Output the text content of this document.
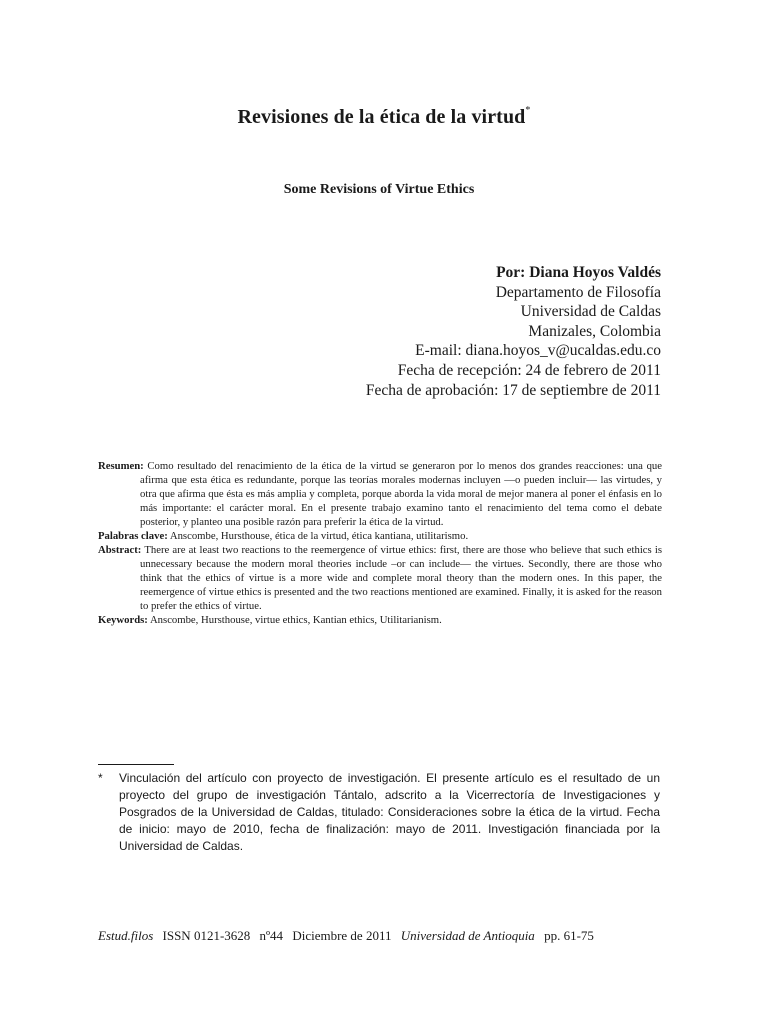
Revisiones de la ética de la virtud*
Some Revisions of Virtue Ethics
Por: Diana Hoyos Valdés
Departamento de Filosofía
Universidad de Caldas
Manizales, Colombia
E-mail: diana.hoyos_v@ucaldas.edu.co
Fecha de recepción: 24 de febrero de 2011
Fecha de aprobación: 17 de septiembre de 2011

Resumen: Como resultado del renacimiento de la ética de la virtud se generaron por lo menos dos grandes reacciones: una que afirma que esta ética es redundante, porque las teorías morales modernas incluyen —o pueden incluir— las virtudes, y otra que afirma que ésta es más amplia y completa, porque aborda la vida moral de mejor manera al poner el énfasis en lo más importante: el carácter moral. En el presente trabajo examino tanto el renacimiento del tema como el debate posterior, y planteo una posible razón para preferir la ética de la virtud.

Palabras clave: Anscombe, Hursthouse, ética de la virtud, ética kantiana, utilitarismo.

Abstract: There are at least two reactions to the reemergence of virtue ethics: first, there are those who believe that such ethics is unnecessary because the modern moral theories include –or can include— the virtues. Secondly, there are those who think that the ethics of virtue is a more wide and complete moral theory than the modern ones. In this paper, the reemergence of virtue ethics is presented and the two reactions mentioned are examined. Finally, it is asked for the reason to prefer the ethics of virtue.

Keywords: Anscombe, Hursthouse, virtue ethics, Kantian ethics, Utilitarianism.

* Vinculación del artículo con proyecto de investigación. El presente artículo es el resultado de un proyecto del grupo de investigación Tántalo, adscrito a la Vicerrectoría de Investigaciones y Posgrados de la Universidad de Caldas, titulado: Consideraciones sobre la ética de la virtud. Fecha de inicio: mayo de 2010, fecha de finalización: mayo de 2011. Investigación financiada por la Universidad de Caldas.
Estud.filos ISSN 0121-3628 nº44 Diciembre de 2011 Universidad de Antioquia pp. 61-75
